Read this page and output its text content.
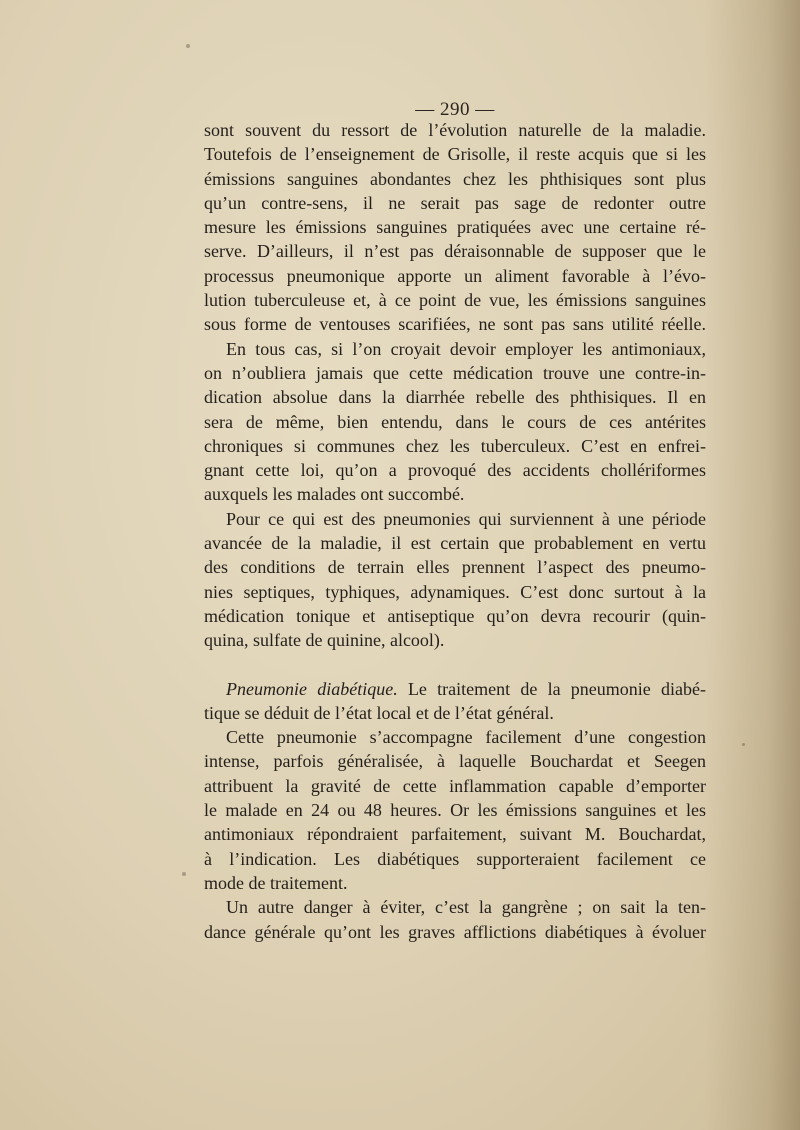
— 290 —

sont souvent du ressort de l’évolution naturelle de la maladie.
Toutefois de l’enseignement de Grisolle, il reste acquis que si les
émissions sanguines abondantes chez les phthisiques sont plus
qu’un contre-sens, il ne serait pas sage de redonter outre
mesure les émissions sanguines pratiquées avec une certaine ré-
serve. D’ailleurs, il n’est pas déraisonnable de supposer que le
processus pneumonique apporte un aliment favorable à l’évo-
lution tuberculeuse et, à ce point de vue, les émissions sanguines
sous forme de ventouses scarifiées, ne sont pas sans utilité réelle.

En tous cas, si l’on croyait devoir employer les antimoniaux,
on n’oubliera jamais que cette médication trouve une contre-in-
dication absolue dans la diarrhée rebelle des phthisiques. Il en
sera de même, bien entendu, dans le cours de ces antérites
chroniques si communes chez les tuberculeux. C’est en enfrei-
gnant cette loi, qu’on a provoqué des accidents chollériformes
auxquels les malades ont succombé.

Pour ce qui est des pneumonies qui surviennent à une période
avancée de la maladie, il est certain que probablement en vertu
des conditions de terrain elles prennent l’aspect des pneumo-
nies septiques, typhiques, adynamiques. C’est donc surtout à la
médication tonique et antiseptique qu’on devra recourir (quin-
quina, sulfate de quinine, alcool).

Pneumonie diabétique. Le traitement de la pneumonie diabé-
tique se déduit de l’état local et de l’état général.

Cette pneumonie s’accompagne facilement d’une congestion
intense, parfois généralisée, à laquelle Bouchardat et Seegen
attribuent la gravité de cette inflammation capable d’emporter
le malade en 24 ou 48 heures. Or les émissions sanguines et les
antimoniaux répondraient parfaitement, suivant M. Bouchardat,
à l’indication. Les diabétiques supporteraient facilement ce
mode de traitement.

Un autre danger à éviter, c’est la gangrène ; on sait la ten-
dance générale qu’ont les graves afflictions diabétiques à évoluer
